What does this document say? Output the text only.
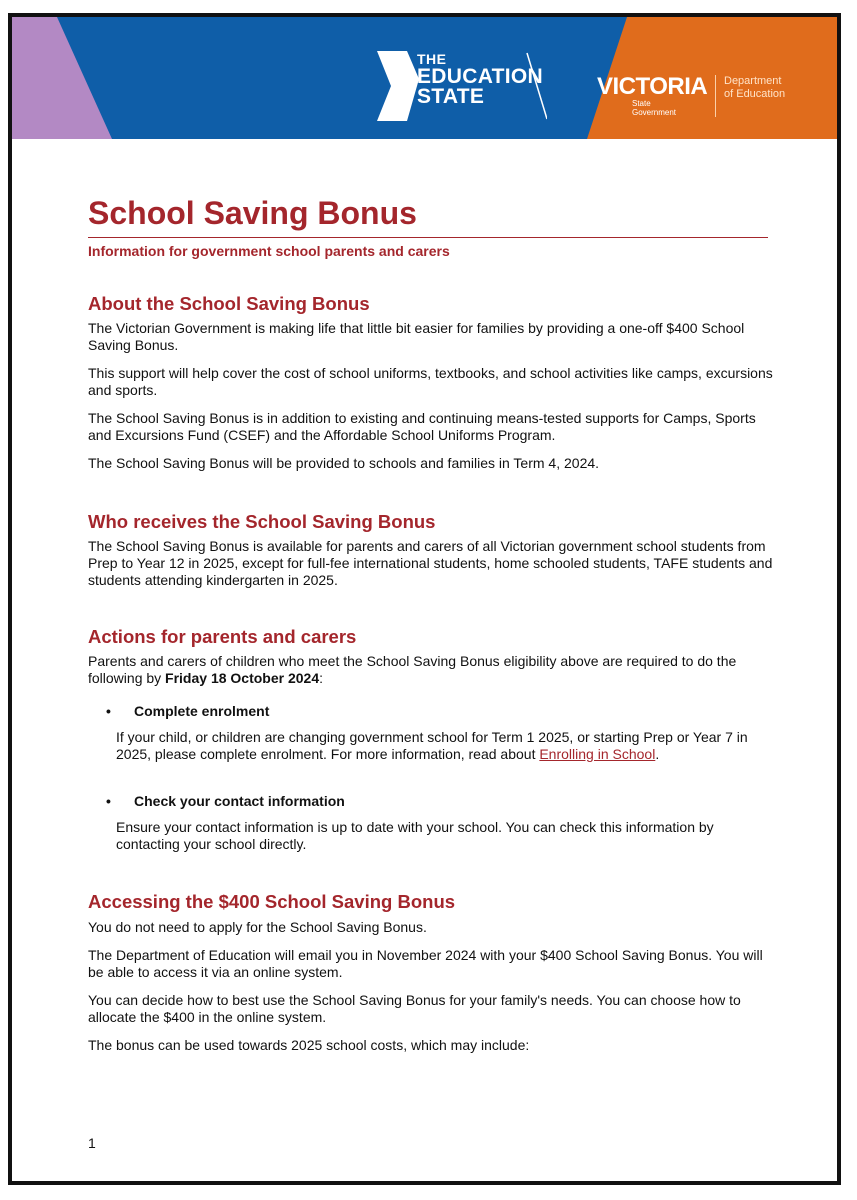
THE
EDUCATION
STATE	VICTORIA
State
Government
Department
of Education
School Saving Bonus
Information for government school parents and carers
About the School Saving Bonus

The Victorian Government is making life that little bit easier for families by providing a one-off $400 School Saving Bonus.

This support will help cover the cost of school uniforms, textbooks, and school activities like camps, excursions and sports.

The School Saving Bonus is in addition to existing and continuing means-tested supports for Camps, Sports and Excursions Fund (CSEF) and the Affordable School Uniforms Program.

The School Saving Bonus will be provided to schools and families in Term 4, 2024.

Who receives the School Saving Bonus

The School Saving Bonus is available for parents and carers of all Victorian government school students from Prep to Year 12 in 2025, except for full-fee international students, home schooled students, TAFE students and students attending kindergarten in 2025.

Actions for parents and carers

Parents and carers of children who meet the School Saving Bonus eligibility above are required to do the following by Friday 18 October 2024:

• Complete enrolment

If your child, or children are changing government school for Term 1 2025, or starting Prep or Year 7 in 2025, please complete enrolment. For more information, read about Enrolling in School.

• Check your contact information

Ensure your contact information is up to date with your school. You can check this information by contacting your school directly.

Accessing the $400 School Saving Bonus

You do not need to apply for the School Saving Bonus.

The Department of Education will email you in November 2024 with your $400 School Saving Bonus. You will be able to access it via an online system.

You can decide how to best use the School Saving Bonus for your family's needs. You can choose how to allocate the $400 in the online system.

The bonus can be used towards 2025 school costs, which may include:

1
